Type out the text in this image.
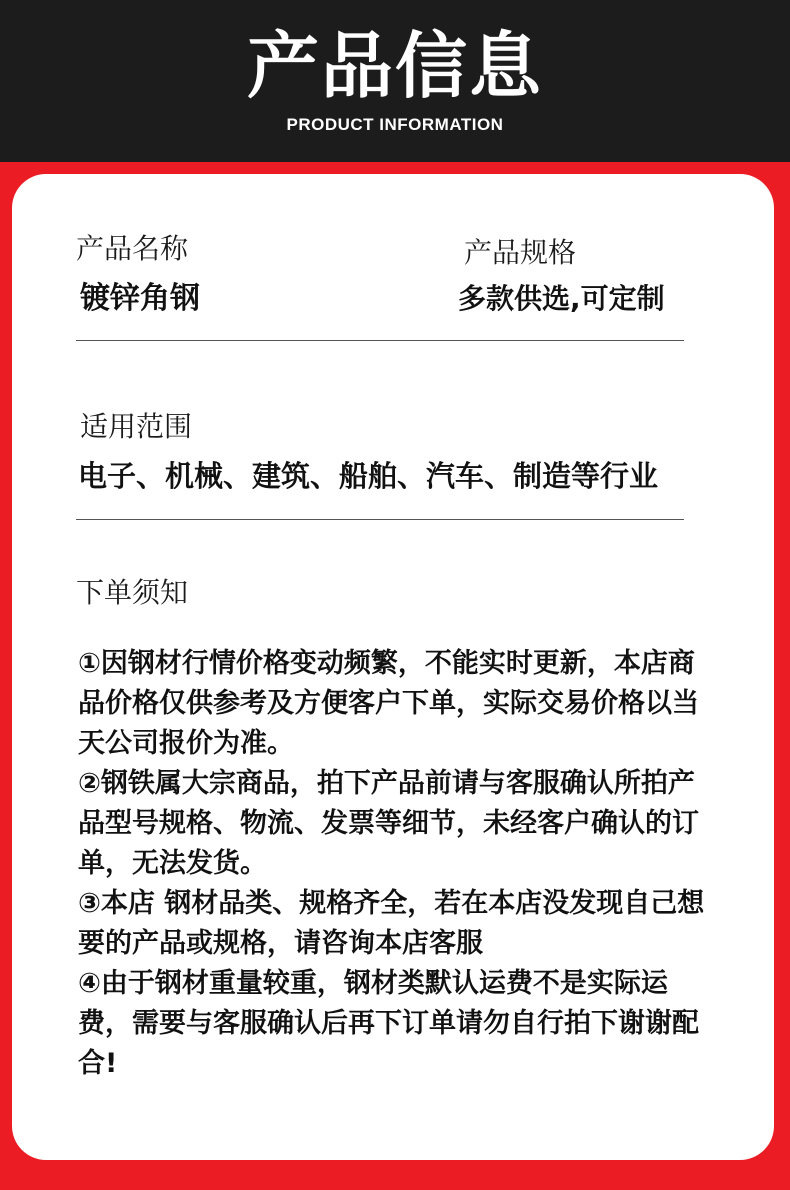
产品信息
PRODUCT INFORMATION
产品名称
镀锌角钢
产品规格
多款供选,可定制
适用范围
电子、机械、建筑、船舶、汽车、制造等行业
下单须知

①因钢材行情价格变动频繁，不能实时更新，本店商品价格仅供参考及方便客户下单，实际交易价格以当天公司报价为准。

②钢铁属大宗商品，拍下产品前请与客服确认所拍产品型号规格、物流、发票等细节，未经客户确认的订单，无法发货。

③本店 钢材品类、规格齐全，若在本店没发现自己想要的产品或规格，请咨询本店客服

④由于钢材重量较重，钢材类默认运费不是实际运费，需要与客服确认后再下订单请勿自行拍下谢谢配合!
